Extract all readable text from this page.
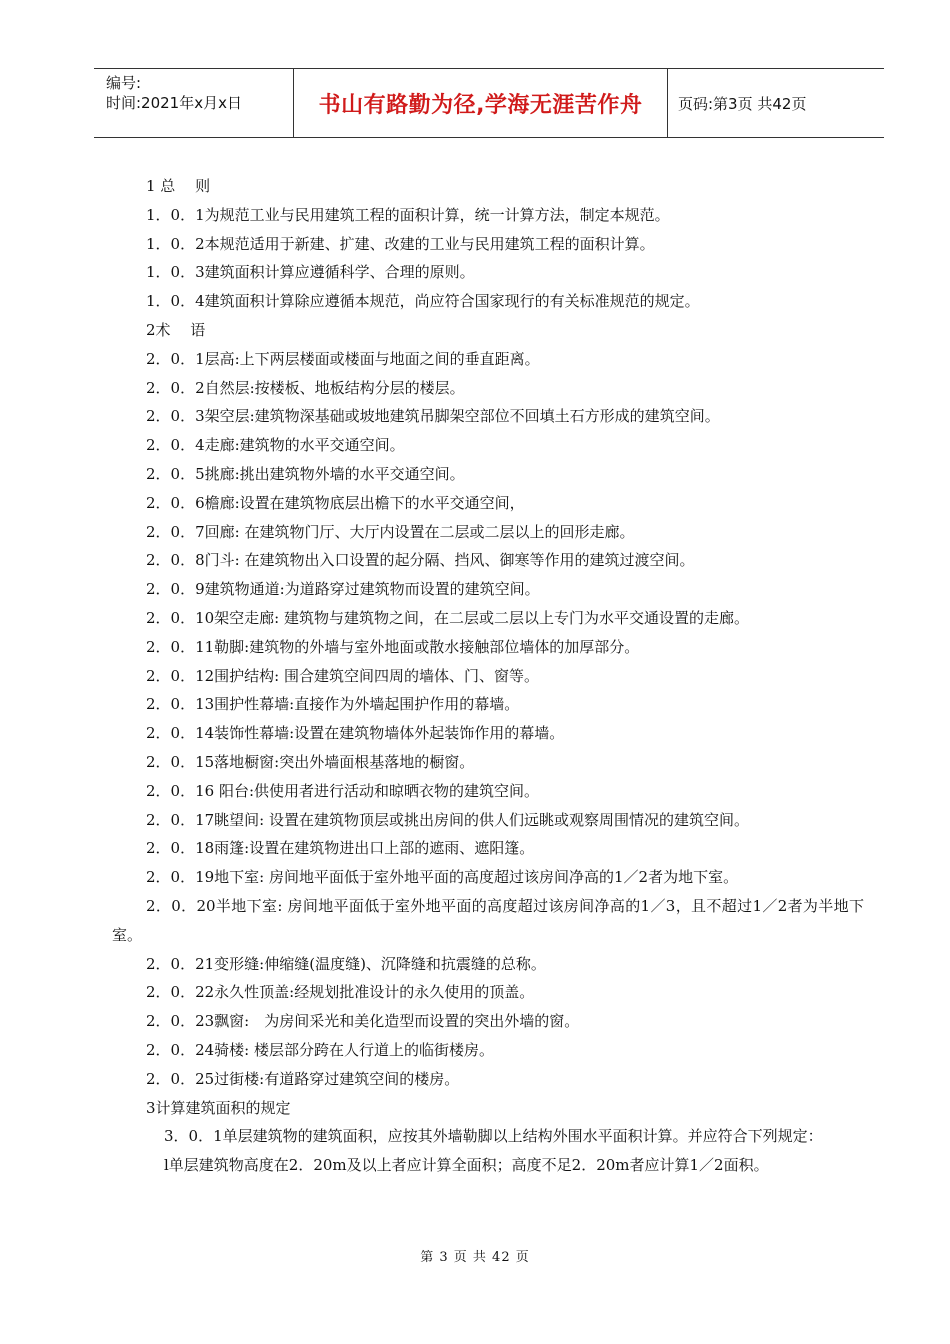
编号:
时间:2021年x月x日	书山有路勤为径,学海无涯苦作舟	页码:第3页 共42页
1 总　 则
1．0．1为规范工业与民用建筑工程的面积计算，统一计算方法，制定本规范。
1．0．2本规范适用于新建、扩建、改建的工业与民用建筑工程的面积计算。
1．0．3建筑面积计算应遵循科学、合理的原则。
1．0．4建筑面积计算除应遵循本规范，尚应符合国家现行的有关标准规范的规定。
2术　 语
2．0．1层高:上下两层楼面或楼面与地面之间的垂直距离。
2．0．2自然层:按楼板、地板结构分层的楼层。
2．0．3架空层:建筑物深基础或坡地建筑吊脚架空部位不回填土石方形成的建筑空间。
2．0．4走廊:建筑物的水平交通空间。
2．0．5挑廊:挑出建筑物外墙的水平交通空间。
2．0．6檐廊:设置在建筑物底层出檐下的水平交通空间，
2．0．7回廊: 在建筑物门厅、大厅内设置在二层或二层以上的回形走廊。
2．0．8门斗: 在建筑物出入口设置的起分隔、挡风、御寒等作用的建筑过渡空间。
2．0．9建筑物通道:为道路穿过建筑物而设置的建筑空间。
2．0．10架空走廊: 建筑物与建筑物之间，在二层或二层以上专门为水平交通设置的走廊。
2．0．11勒脚:建筑物的外墙与室外地面或散水接触部位墙体的加厚部分。
2．0．12围护结构: 围合建筑空间四周的墙体、门、窗等。
2．0．13围护性幕墙:直接作为外墙起围护作用的幕墙。
2．0．14装饰性幕墙:设置在建筑物墙体外起装饰作用的幕墙。
2．0．15落地橱窗:突出外墙面根基落地的橱窗。
2．0．16 阳台:供使用者进行活动和晾晒衣物的建筑空间。
2．0．17眺望间: 设置在建筑物顶层或挑出房间的供人们远眺或观察周围情况的建筑空间。
2．0．18雨篷:设置在建筑物进出口上部的遮雨、遮阳篷。
2．0．19地下室: 房间地平面低于室外地平面的高度超过该房间净高的1／2者为地下室。
2．0．20半地下室: 房间地平面低于室外地平面的高度超过该房间净高的1／3，且不超过1／2者为半地下室。
2．0．21变形缝:伸缩缝(温度缝)、沉降缝和抗震缝的总称。
2．0．22永久性顶盖:经规划批准设计的永久使用的顶盖。
2．0．23飘窗:　为房间采光和美化造型而设置的突出外墙的窗。
2．0．24骑楼: 楼层部分跨在人行道上的临街楼房。
2．0．25过街楼:有道路穿过建筑空间的楼房。
3计算建筑面积的规定
3．0．1单层建筑物的建筑面积，应按其外墙勒脚以上结构外围水平面积计算。并应符合下列规定：
l单层建筑物高度在2．20m及以上者应计算全面积；高度不足2．20m者应计算1／2面积。
第 3 页 共 42 页
